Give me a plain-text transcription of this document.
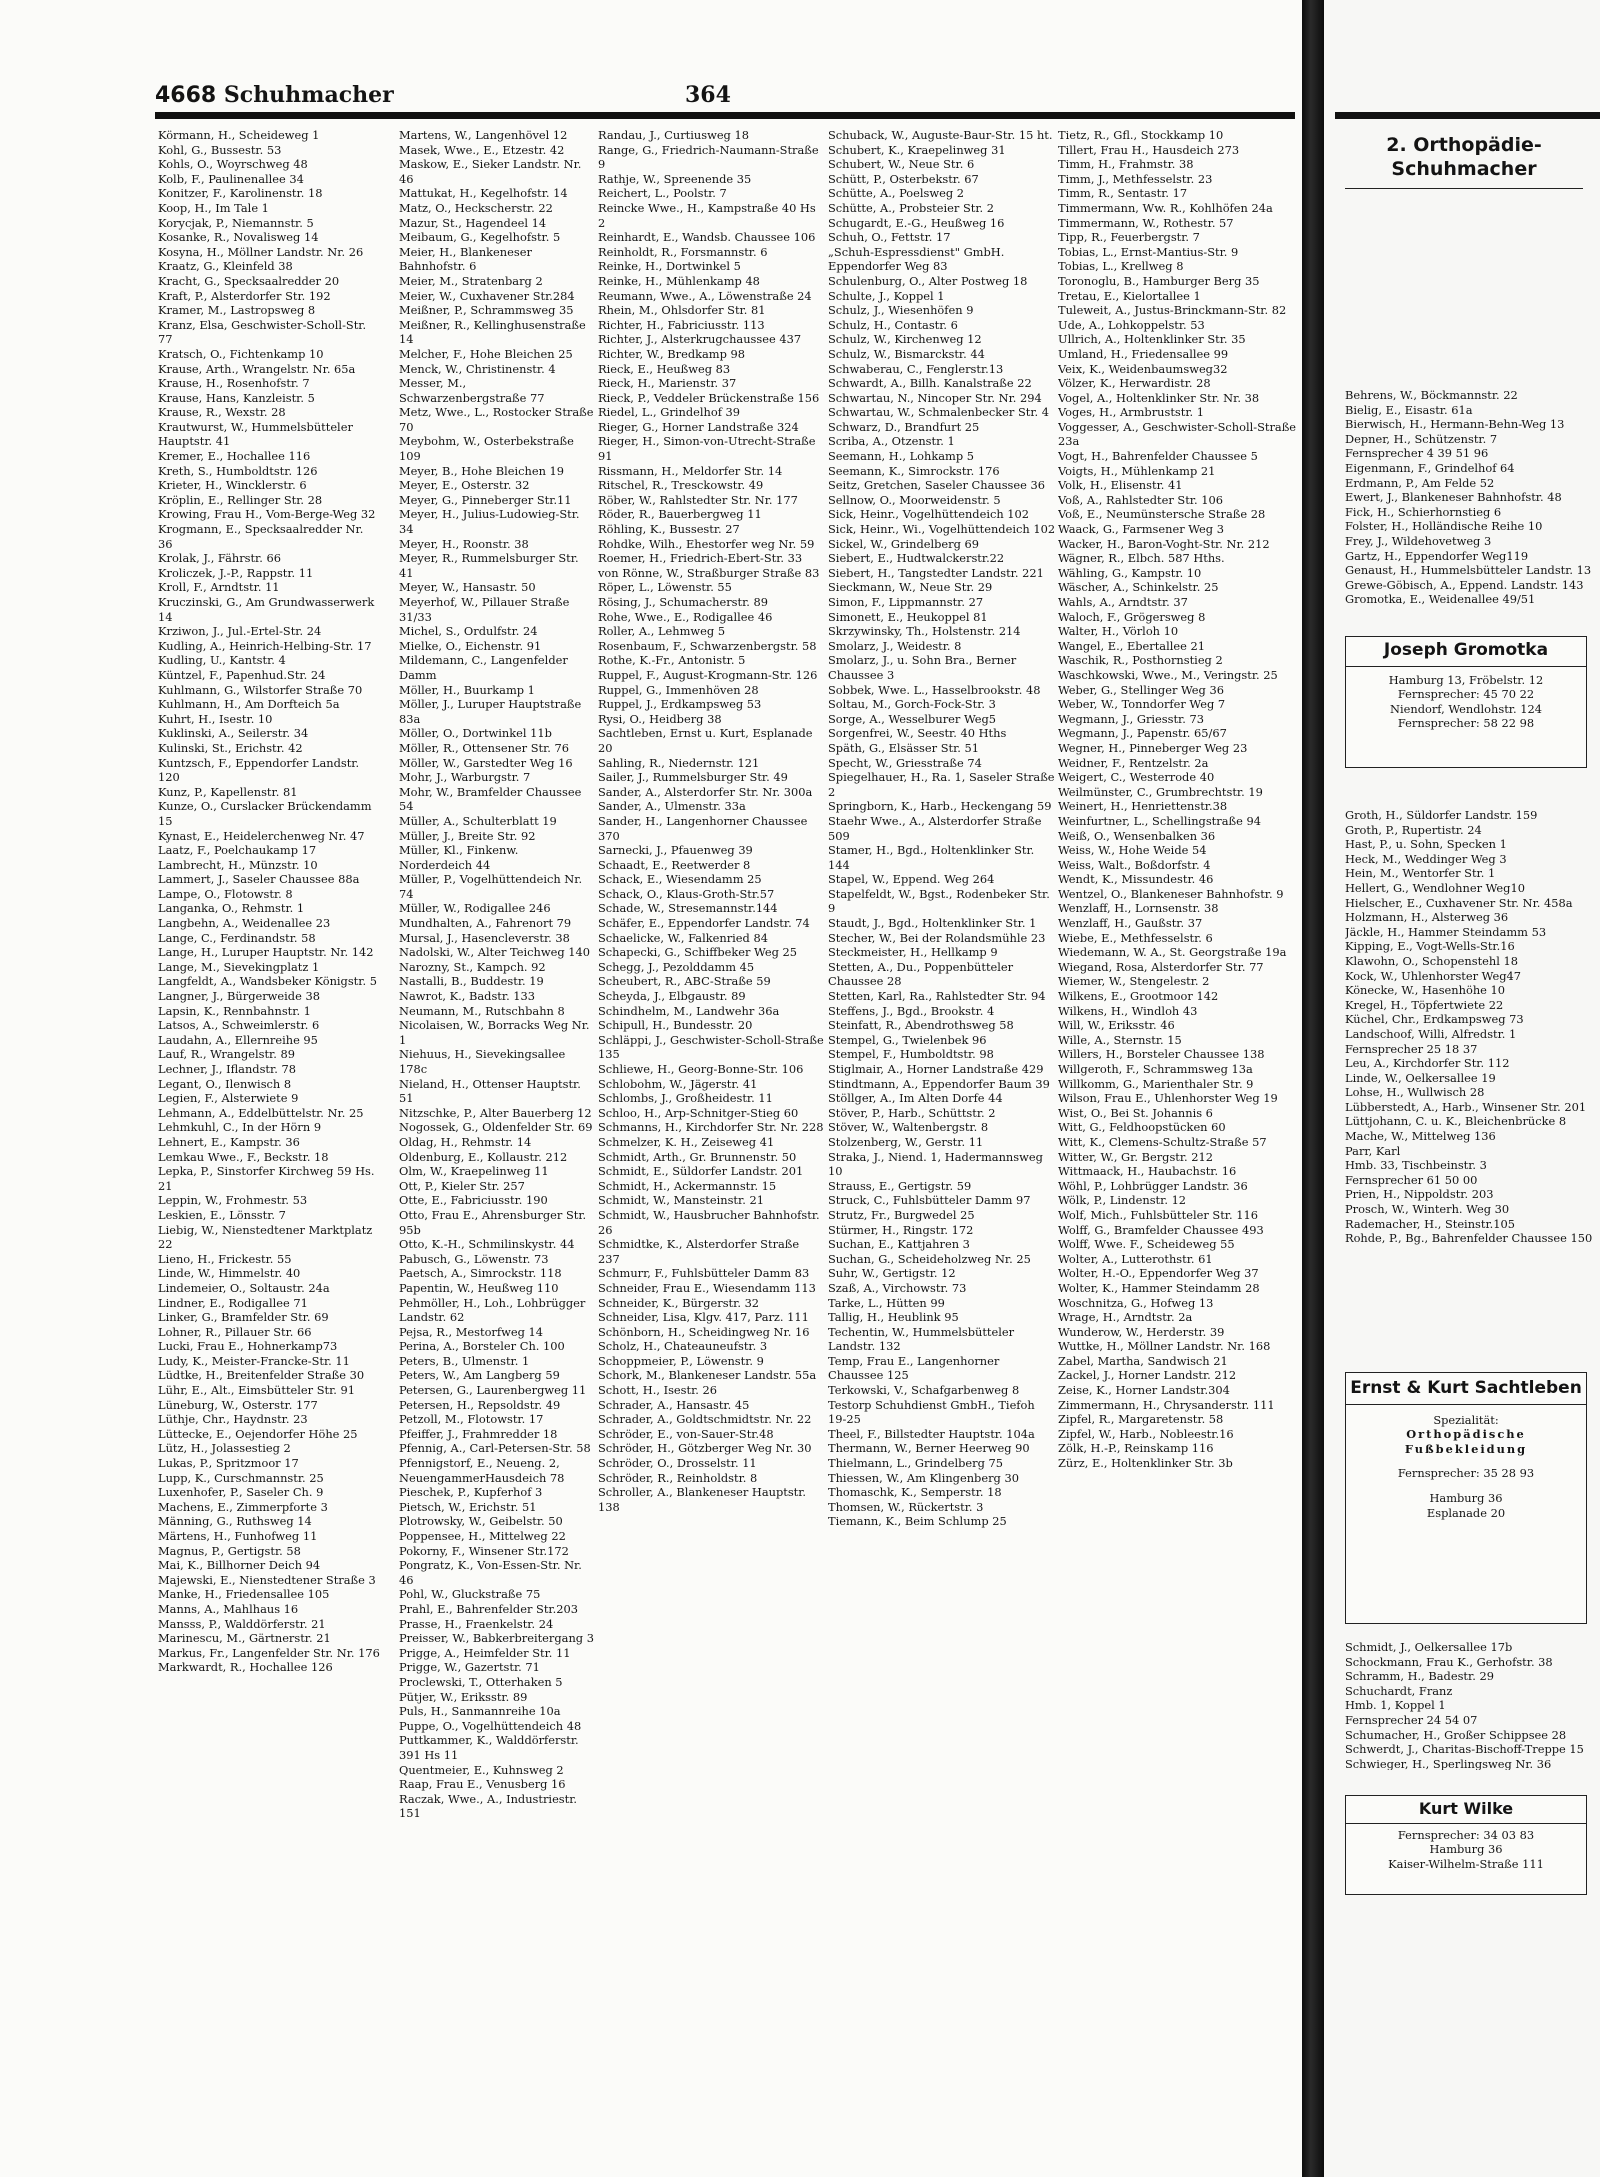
4668 Schuhmacher	364
Körmann, H., Scheideweg 1
Kohl, G., Bussestr. 53
Kohls, O., Woyrschweg 48
Kolb, F., Paulinenallee 34
Konitzer, F., Karolinenstr. 18
Koop, H., Im Tale 1
Korycjak, P., Niemannstr. 5
Kosanke, R., Novalisweg 14
Kosyna, H., Möllner Landstr. Nr. 26
Kraatz, G., Kleinfeld 38
Kracht, G., Specksaalredder 20
Kraft, P., Alsterdorfer Str. 192
Kramer, M., Lastropsweg 8
Kranz, Elsa, Geschwister-Scholl-Str. 77
Kratsch, O., Fichtenkamp 10
Krause, Arth., Wrangelstr. Nr. 65a
Krause, H., Rosenhofstr. 7
Krause, Hans, Kanzleistr. 5
Krause, R., Wexstr. 28
Krautwurst, W., Hummelsbütteler Hauptstr. 41
Kremer, E., Hochallee 116
Kreth, S., Humboldtstr. 126
Krieter, H., Wincklerstr. 6
Kröplin, E., Rellinger Str. 28
Krowing, Frau H., Vom-Berge-Weg 32
Krogmann, E., Specksaalredder Nr. 36
Krolak, J., Fährstr. 66
Kroliczek, J.-P., Rappstr. 11
Kroll, F., Arndtstr. 11
Kruczinski, G., Am Grundwasserwerk 14
Krziwon, J., Jul.-Ertel-Str. 24
Kudling, A., Heinrich-Helbing-Str. 17
Kudling, U., Kantstr. 4
Küntzel, F., Papenhud.Str. 24
Kuhlmann, G., Wilstorfer Straße 70
Kuhlmann, H., Am Dorfteich 5a
Kuhrt, H., Isestr. 10
Kuklinski, A., Seilerstr. 34
Kulinski, St., Erichstr. 42
Kuntzsch, F., Eppendorfer Landstr. 120
Kunz, P., Kapellenstr. 81
Kunze, O., Curslacker Brückendamm 15
Kynast, E., Heidelerchenweg Nr. 47
Laatz, F., Poelchaukamp 17
Lambrecht, H., Münzstr. 10
Lammert, J., Saseler Chaussee 88a
Lampe, O., Flotowstr. 8
Langanka, O., Rehmstr. 1
Langbehn, A., Weidenallee 23
Lange, C., Ferdinandstr. 58
Lange, H., Luruper Hauptstr. Nr. 142
Lange, M., Sievekingplatz 1
Langfeldt, A., Wandsbeker Königstr. 5
Langner, J., Bürgerweide 38
Lapsin, K., Rennbahnstr. 1
Latsos, A., Schweimlerstr. 6
Laudahn, A., Ellernreihe 95
Lauf, R., Wrangelstr. 89
Lechner, J., Iflandstr. 78
Legant, O., Ilenwisch 8
Legien, F., Alsterwiete 9
Lehmann, A., Eddelbüttelstr. Nr. 25
Lehmkuhl, C., In der Hörn 9
Lehnert, E., Kampstr. 36
Lemkau Wwe., F., Beckstr. 18
Lepka, P., Sinstorfer Kirchweg 59 Hs. 21
Leppin, W., Frohmestr. 53
Leskien, E., Lönsstr. 7
Liebig, W., Nienstedtener Marktplatz 22
Lieno, H., Frickestr. 55
Linde, W., Himmelstr. 40
Lindemeier, O., Soltaustr. 24a
Lindner, E., Rodigallee 71
Linker, G., Bramfelder Str. 69
Lohner, R., Pillauer Str. 66
Lucki, Frau E., Hohnerkamp73
Ludy, K., Meister-Francke-Str. 11
Lüdtke, H., Breitenfelder Straße 30
Lühr, E., Alt., Eimsbütteler Str. 91
Lüneburg, W., Osterstr. 177
Lüthje, Chr., Haydnstr. 23
Lüttecke, E., Oejendorfer Höhe 25
Lütz, H., Jolassestieg 2
Lukas, P., Spritzmoor 17
Lupp, K., Curschmannstr. 25
Luxenhofer, P., Saseler Ch. 9
Machens, E., Zimmerpforte 3
Männing, G., Ruthsweg 14
Märtens, H., Funhofweg 11
Magnus, P., Gertigstr. 58
Mai, K., Billhorner Deich 94
Majewski, E., Nienstedtener Straße 3
Manke, H., Friedensallee 105
Manns, A., Mahlhaus 16
Mansss, P., Walddörferstr. 21
Marinescu, M., Gärtnerstr. 21
Markus, Fr., Langenfelder Str. Nr. 176
Markwardt, R., Hochallee 126
Martens, W., Langenhövel 12
Masek, Wwe., E., Etzestr. 42
Maskow, E., Sieker Landstr. Nr. 46
Mattukat, H., Kegelhofstr. 14
Matz, O., Heckscherstr. 22
Mazur, St., Hagendeel 14
Meibaum, G., Kegelhofstr. 5
Meier, H., Blankeneser Bahnhofstr. 6
Meier, M., Stratenbarg 2
Meier, W., Cuxhavener Str.284
Meißner, P., Schrammsweg 35
Meißner, R., Kellinghusenstraße 14
Melcher, F., Hohe Bleichen 25
Menck, W., Christinenstr. 4
Messer, M., Schwarzenbergstraße 77
Metz, Wwe., L., Rostocker Straße 70
Meybohm, W., Osterbekstraße 109
Meyer, B., Hohe Bleichen 19
Meyer, E., Osterstr. 32
Meyer, G., Pinneberger Str.11
Meyer, H., Julius-Ludowieg-Str. 34
Meyer, H., Roonstr. 38
Meyer, R., Rummelsburger Str. 41
Meyer, W., Hansastr. 50
Meyerhof, W., Pillauer Straße 31/33
Michel, S., Ordulfstr. 24
Mielke, O., Eichenstr. 91
Mildemann, C., Langenfelder Damm
Möller, H., Buurkamp 1
Möller, J., Luruper Hauptstraße 83a
Möller, O., Dortwinkel 11b
Möller, R., Ottensener Str. 76
Möller, W., Garstedter Weg 16
Mohr, J., Warburgstr. 7
Mohr, W., Bramfelder Chaussee 54
Müller, A., Schulterblatt 19
Müller, J., Breite Str. 92
Müller, Kl., Finkenw. Norderdeich 44
Müller, P., Vogelhüttendeich Nr. 74
Müller, W., Rodigallee 246
Mundhalten, A., Fahrenort 79
Mursal, J., Hasencleverstr. 38
Nadolski, W., Alter Teichweg 140
Narozny, St., Kampch. 92
Nastalli, B., Buddestr. 19
Nawrot, K., Badstr. 133
Neumann, M., Rutschbahn 8
Nicolaisen, W., Borracks Weg Nr. 1
Niehuus, H., Sievekingsallee 178c
Nieland, H., Ottenser Hauptstr. 51
Nitzschke, P., Alter Bauerberg 12
Nogossek, G., Oldenfelder Str. 69
Oldag, H., Rehmstr. 14
Oldenburg, E., Kollaustr. 212
Olm, W., Kraepelinweg 11
Ott, P., Kieler Str. 257
Otte, E., Fabriciusstr. 190
Otto, Frau E., Ahrensburger Str. 95b
Otto, K.-H., Schmilinskystr. 44
Pabusch, G., Löwenstr. 73
Paetsch, A., Simrockstr. 118
Papentin, W., Heußweg 110
Pehmöller, H., Loh., Lohbrügger Landstr. 62
Pejsa, R., Mestorfweg 14
Perina, A., Borsteler Ch. 100
Peters, B., Ulmenstr. 1
Peters, W., Am Langberg 59
Petersen, G., Laurenbergweg 11
Petersen, H., Repsoldstr. 49
Petzoll, M., Flotowstr. 17
Pfeiffer, J., Frahmredder 18
Pfennig, A., Carl-Petersen-Str. 58
Pfennigstorf, E., Neueng. 2, NeuengammerHausdeich 78
Pieschek, P., Kupferhof 3
Pietsch, W., Erichstr. 51
Plotrowsky, W., Geibelstr. 50
Poppensee, H., Mittelweg 22
Pokorny, F., Winsener Str.172
Pongratz, K., Von-Essen-Str. Nr. 46
Pohl, W., Gluckstraße 75
Prahl, E., Bahrenfelder Str.203
Prasse, H., Fraenkelstr. 24
Preisser, W., Babkerbreitergang 3
Prigge, A., Heimfelder Str. 11
Prigge, W., Gazertstr. 71
Proclewski, T., Otterhaken 5
Pütjer, W., Eriksstr. 89
Puls, H., Sanmannreihe 10a
Puppe, O., Vogelhüttendeich 48
Puttkammer, K., Walddörferstr. 391 Hs 11
Quentmeier, E., Kuhnsweg 2
Raap, Frau E., Venusberg 16
Raczak, Wwe., A., Industriestr. 151
Randau, J., Curtiusweg 18
Range, G., Friedrich-Naumann-Straße 9
Rathje, W., Spreenende 35
Reichert, L., Poolstr. 7
Reincke Wwe., H., Kampstraße 40 Hs 2
Reinhardt, E., Wandsb. Chaussee 106
Reinholdt, R., Forsmannstr. 6
Reinke, H., Dortwinkel 5
Reinke, H., Mühlenkamp 48
Reumann, Wwe., A., Löwenstraße 24
Rhein, M., Ohlsdorfer Str. 81
Richter, H., Fabriciusstr. 113
Richter, J., Alsterkrugchaussee 437
Richter, W., Bredkamp 98
Rieck, E., Heußweg 83
Rieck, H., Marienstr. 37
Rieck, P., Veddeler Brückenstraße 156
Riedel, L., Grindelhof 39
Rieger, G., Horner Landstraße 324
Rieger, H., Simon-von-Utrecht-Straße 91
Rissmann, H., Meldorfer Str. 14
Ritschel, R., Tresckowstr. 49
Röber, W., Rahlstedter Str. Nr. 177
Röder, R., Bauerbergweg 11
Röhling, K., Bussestr. 27
Rohdke, Wilh., Ehestorfer weg Nr. 59
Roemer, H., Friedrich-Ebert-Str. 33
von Rönne, W., Straßburger Straße 83
Röper, L., Löwenstr. 55
Rösing, J., Schumacherstr. 89
Rohe, Wwe., E., Rodigallee 46
Roller, A., Lehmweg 5
Rosenbaum, F., Schwarzenbergstr. 58
Rothe, K.-Fr., Antonistr. 5
Ruppel, F., August-Krogmann-Str. 126
Ruppel, G., Immenhöven 28
Ruppel, J., Erdkampsweg 53
Rysi, O., Heidberg 38
Sachtleben, Ernst u. Kurt, Esplanade 20
Sahling, R., Niedernstr. 121
Sailer, J., Rummelsburger Str. 49
Sander, A., Alsterdorfer Str. Nr. 300a
Sander, A., Ulmenstr. 33a
Sander, H., Langenhorner Chaussee 370
Sarnecki, J., Pfauenweg 39
Schaadt, E., Reetwerder 8
Schack, E., Wiesendamm 25
Schack, O., Klaus-Groth-Str.57
Schade, W., Stresemannstr.144
Schäfer, E., Eppendorfer Landstr. 74
Schaelicke, W., Falkenried 84
Schapecki, G., Schiffbeker Weg 25
Schegg, J., Pezolddamm 45
Scheubert, R., ABC-Straße 59
Scheyda, J., Elbgaustr. 89
Schindhelm, M., Landwehr 36a
Schipull, H., Bundesstr. 20
Schläppi, J., Geschwister-Scholl-Straße 135
Schliewe, H., Georg-Bonne-Str. 106
Schlobohm, W., Jägerstr. 41
Schlombs, J., Großheidestr. 11
Schloo, H., Arp-Schnitger-Stieg 60
Schmanns, H., Kirchdorfer Str. Nr. 228
Schmelzer, K. H., Zeiseweg 41
Schmidt, Arth., Gr. Brunnenstr. 50
Schmidt, E., Süldorfer Landstr. 201
Schmidt, H., Ackermannstr. 15
Schmidt, W., Mansteinstr. 21
Schmidt, W., Hausbrucher Bahnhofstr. 26
Schmidtke, K., Alsterdorfer Straße 237
Schmurr, F., Fuhlsbütteler Damm 83
Schneider, Frau E., Wiesendamm 113
Schneider, K., Bürgerstr. 32
Schneider, Lisa, Klgv. 417, Parz. 111
Schönborn, H., Scheidingweg Nr. 16
Scholz, H., Chateauneufstr. 3
Schoppmeier, P., Löwenstr. 9
Schork, M., Blankeneser Landstr. 55a
Schott, H., Isestr. 26
Schrader, A., Hansastr. 45
Schrader, A., Goldtschmidtstr. Nr. 22
Schröder, E., von-Sauer-Str.48
Schröder, H., Götzberger Weg Nr. 30
Schröder, O., Drosselstr. 11
Schröder, R., Reinholdstr. 8
Schroller, A., Blankeneser Hauptstr. 138
Schuback, W., Auguste-Baur-Str. 15 ht.
Schubert, K., Kraepelinweg 31
Schubert, W., Neue Str. 6
Schütt, P., Osterbekstr. 67
Schütte, A., Poelsweg 2
Schütte, A., Probsteier Str. 2
Schugardt, E.-G., Heußweg 16
Schuh, O., Fettstr. 17
„Schuh-Espressdienst" GmbH. Eppendorfer Weg 83
Schulenburg, O., Alter Postweg 18
Schulte, J., Koppel 1
Schulz, J., Wiesenhöfen 9
Schulz, H., Contastr. 6
Schulz, W., Kirchenweg 12
Schulz, W., Bismarckstr. 44
Schwaberau, C., Fenglerstr.13
Schwardt, A., Billh. Kanalstraße 22
Schwartau, N., Nincoper Str. Nr. 294
Schwartau, W., Schmalenbecker Str. 4
Schwarz, D., Brandfurt 25
Scriba, A., Otzenstr. 1
Seemann, H., Lohkamp 5
Seemann, K., Simrockstr. 176
Seitz, Gretchen, Saseler Chaussee 36
Sellnow, O., Moorweidenstr. 5
Sick, Heinr., Vogelhüttendeich 102
Sick, Heinr., Wi., Vogelhüttendeich 102
Sickel, W., Grindelberg 69
Siebert, E., Hudtwalckerstr.22
Siebert, H., Tangstedter Landstr. 221
Sieckmann, W., Neue Str. 29
Simon, F., Lippmannstr. 27
Simonett, E., Heukoppel 81
Skrzywinsky, Th., Holstenstr. 214
Smolarz, J., Weidestr. 8
Smolarz, J., u. Sohn Bra., Berner Chaussee 3
Sobbek, Wwe. L., Hasselbrookstr. 48
Soltau, M., Gorch-Fock-Str. 3
Sorge, A., Wesselburer Weg5
Sorgenfrei, W., Seestr. 40 Hths
Späth, G., Elsässer Str. 51
Specht, W., Griesstraße 74
Spiegelhauer, H., Ra. 1, Saseler Straße 2
Springborn, K., Harb., Heckengang 59
Staehr Wwe., A., Alsterdorfer Straße 509
Stamer, H., Bgd., Holtenklinker Str. 144
Stapel, W., Eppend. Weg 264
Stapelfeldt, W., Bgst., Rodenbeker Str. 9
Staudt, J., Bgd., Holtenklinker Str. 1
Stecher, W., Bei der Rolandsmühle 23
Steckmeister, H., Hellkamp 9
Stetten, A., Du., Poppenbütteler Chaussee 28
Stetten, Karl, Ra., Rahlstedter Str. 94
Steffens, J., Bgd., Brookstr. 4
Steinfatt, R., Abendrothsweg 58
Stempel, G., Twielenbek 96
Stempel, F., Humboldtstr. 98
Stiglmair, A., Horner Landstraße 429
Stindtmann, A., Eppendorfer Baum 39
Stöllger, A., Im Alten Dorfe 44
Stöver, P., Harb., Schüttstr. 2
Stöver, W., Waltenbergstr. 8
Stolzenberg, W., Gerstr. 11
Straka, J., Niend. 1, Hadermannsweg 10
Strauss, E., Gertigstr. 59
Struck, C., Fuhlsbütteler Damm 97
Strutz, Fr., Burgwedel 25
Stürmer, H., Ringstr. 172
Suchan, E., Kattjahren 3
Suchan, G., Scheideholzweg Nr. 25
Suhr, W., Gertigstr. 12
Szaß, A., Virchowstr. 73
Tarke, L., Hütten 99
Tallig, H., Heublink 95
Techentin, W., Hummelsbütteler Landstr. 132
Temp, Frau E., Langenhorner Chaussee 125
Terkowski, V., Schafgarbenweg 8
Testorp Schuhdienst GmbH., Tiefoh 19-25
Theel, F., Billstedter Hauptstr. 104a
Thermann, W., Berner Heerweg 90
Thielmann, L., Grindelberg 75
Thiessen, W., Am Klingenberg 30
Thomaschk, K., Semperstr. 18
Thomsen, W., Rückertstr. 3
Tiemann, K., Beim Schlump 25
Tietz, R., Gfl., Stockkamp 10
Tillert, Frau H., Hausdeich 273
Timm, H., Frahmstr. 38
Timm, J., Methfesselstr. 23
Timm, R., Sentastr. 17
Timmermann, Ww. R., Kohlhöfen 24a
Timmermann, W., Rothestr. 57
Tipp, R., Feuerbergstr. 7
Tobias, L., Ernst-Mantius-Str. 9
Tobias, L., Krellweg 8
Toronoglu, B., Hamburger Berg 35
Tretau, E., Kielortallee 1
Tuleweit, A., Justus-Brinckmann-Str. 82
Ude, A., Lohkoppelstr. 53
Ullrich, A., Holtenklinker Str. 35
Umland, H., Friedensallee 99
Veix, K., Weidenbaumsweg32
Völzer, K., Herwardistr. 28
Vogel, A., Holtenklinker Str. Nr. 38
Voges, H., Armbruststr. 1
Voggesser, A., Geschwister-Scholl-Straße 23a
Vogt, H., Bahrenfelder Chaussee 5
Voigts, H., Mühlenkamp 21
Volk, H., Elisenstr. 41
Voß, A., Rahlstedter Str. 106
Voß, E., Neumünstersche Straße 28
Waack, G., Farmsener Weg 3
Wacker, H., Baron-Voght-Str. Nr. 212
Wägner, R., Elbch. 587 Hths.
Wähling, G., Kampstr. 10
Wäscher, A., Schinkelstr. 25
Wahls, A., Arndtstr. 37
Waloch, F., Grögersweg 8
Walter, H., Vörloh 10
Wangel, E., Ebertallee 21
Waschik, R., Posthornstieg 2
Waschkowski, Wwe., M., Veringstr. 25
Weber, G., Stellinger Weg 36
Weber, W., Tonndorfer Weg 7
Wegmann, J., Griesstr. 73
Wegmann, J., Papenstr. 65/67
Wegner, H., Pinneberger Weg 23
Weidner, F., Rentzelstr. 2a
Weigert, C., Westerrode 40
Weilmünster, C., Grumbrechtstr. 19
Weinert, H., Henriettenstr.38
Weinfurtner, L., Schellingstraße 94
Weiß, O., Wensenbalken 36
Weiss, W., Hohe Weide 54
Weiss, Walt., Boßdorfstr. 4
Wendt, K., Missundestr. 46
Wentzel, O., Blankeneser Bahnhofstr. 9
Wenzlaff, H., Lornsenstr. 38
Wenzlaff, H., Gaußstr. 37
Wiebe, E., Methfesselstr. 6
Wiedemann, W. A., St. Georgstraße 19a
Wiegand, Rosa, Alsterdorfer Str. 77
Wiemer, W., Stengelestr. 2
Wilkens, E., Grootmoor 142
Wilkens, H., Windloh 43
Will, W., Eriksstr. 46
Wille, A., Sternstr. 15
Willers, H., Borsteler Chaussee 138
Willgeroth, F., Schrammsweg 13a
Willkomm, G., Marienthaler Str. 9
Wilson, Frau E., Uhlenhorster Weg 19
Wist, O., Bei St. Johannis 6
Witt, G., Feldhoopstücken 60
Witt, K., Clemens-Schultz-Straße 57
Witter, W., Gr. Bergstr. 212
Wittmaack, H., Haubachstr. 16
Wöhl, P., Lohbrügger Landstr. 36
Wölk, P., Lindenstr. 12
Wolf, Mich., Fuhlsbütteler Str. 116
Wolff, G., Bramfelder Chaussee 493
Wolff, Wwe. F., Scheideweg 55
Wolter, A., Lutterothstr. 61
Wolter, H.-O., Eppendorfer Weg 37
Wolter, K., Hammer Steindamm 28
Woschnitza, G., Hofweg 13
Wrage, H., Arndtstr. 2a
Wunderow, W., Herderstr. 39
Wuttke, H., Möllner Landstr. Nr. 168
Zabel, Martha, Sandwisch 21
Zackel, J., Horner Landstr. 212
Zeise, K., Horner Landstr.304
Zimmermann, H., Chrysanderstr. 111
Zipfel, R., Margaretenstr. 58
Zipfel, W., Harb., Nobleestr.16
Zölk, H.-P., Reinskamp 116
Zürz, E., Holtenklinker Str. 3b
2. Orthopädie-
Schuhmacher
Behrens, W., Böckmannstr. 22
Bielig, E., Eisastr. 61a
Bierwisch, H., Hermann-Behn-Weg 13
Depner, H., Schützenstr. 7
Fernsprecher 4 39 51 96
Eigenmann, F., Grindelhof 64
Erdmann, P., Am Felde 52
Ewert, J., Blankeneser Bahnhofstr. 48
Fick, H., Schierhornstieg 6
Folster, H., Holländische Reihe 10
Frey, J., Wildehovetweg 3
Gartz, H., Eppendorfer Weg119
Genaust, H., Hummelsbütteler Landstr. 13
Grewe-Göbisch, A., Eppend. Landstr. 143
Gromotka, E., Weidenallee 49/51
Joseph Gromotka
Hamburg 13, Fröbelstr. 12
Fernsprecher: 45 70 22
Niendorf, Wendlohstr. 124
Fernsprecher: 58 22 98
Groth, H., Süldorfer Landstr. 159
Groth, P., Rupertistr. 24
Hast, P., u. Sohn, Specken 1
Heck, M., Weddinger Weg 3
Hein, M., Wentorfer Str. 1
Hellert, G., Wendlohner Weg10
Hielscher, E., Cuxhavener Str. Nr. 458a
Holzmann, H., Alsterweg 36
Jäckle, H., Hammer Steindamm 53
Kipping, E., Vogt-Wells-Str.16
Klawohn, O., Schopenstehl 18
Kock, W., Uhlenhorster Weg47
Könecke, W., Hasenhöhe 10
Kregel, H., Töpfertwiete 22
Küchel, Chr., Erdkampsweg 73
Landschoof, Willi, Alfredstr. 1
Fernsprecher 25 18 37
Leu, A., Kirchdorfer Str. 112
Linde, W., Oelkersallee 19
Lohse, H., Wullwisch 28
Lübberstedt, A., Harb., Winsener Str. 201
Lüttjohann, C. u. K., Bleichenbrücke 8
Mache, W., Mittelweg 136
Parr, Karl
Hmb. 33, Tischbeinstr. 3
Fernsprecher 61 50 00
Prien, H., Nippoldstr. 203
Prosch, W., Winterh. Weg 30
Rademacher, H., Steinstr.105
Rohde, P., Bg., Bahrenfelder Chaussee 150
Ernst & Kurt Sachtleben
Spezialität:
Orthopädische
Fußbekleidung
Fernsprecher: 35 28 93
Hamburg 36
Esplanade 20
Schmidt, J., Oelkersallee 17b
Schockmann, Frau K., Gerhofstr. 38
Schramm, H., Badestr. 29
Schuchardt, Franz
Hmb. 1, Koppel 1
Fernsprecher 24 54 07
Schumacher, H., Großer Schippsee 28
Schwerdt, J., Charitas-Bischoff-Treppe 15
Schwieger, H., Sperlingsweg Nr. 36

Kurt Wilke
Fernsprecher: 34 03 83
Hamburg 36
Kaiser-Wilhelm-Straße 111
